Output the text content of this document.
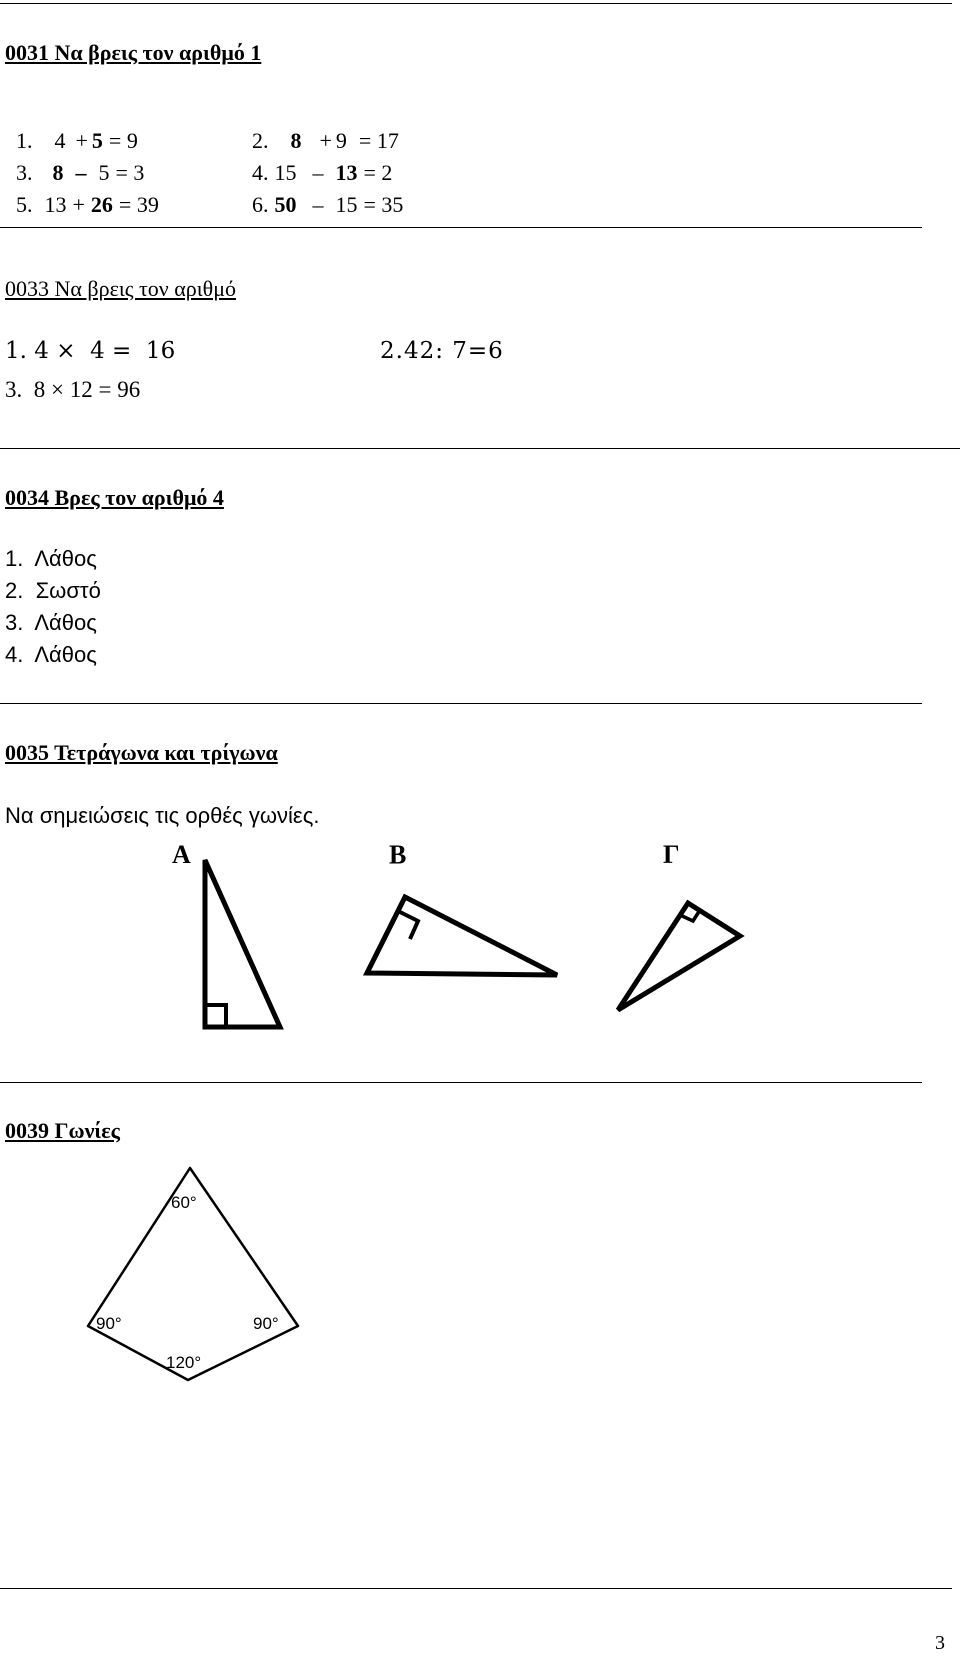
0031 Να βρεις τον αριθμό 1

1. 4 + 5 = 9	2. 8 + 9 = 17

3. 8 – 5 = 3	4. 15 – 13 = 2

5. 13 + 26 = 39	6. 50 – 15 = 35

0033 Να βρεις τον αριθμό
1. 4 ×  4 =  16	2.42: 7=6
3.  8 × 12 = 96
0034 Βρες τον αριθμό 4
1.  Λάθος
2.  Σωστό
3.  Λάθος
4.  Λάθος
0035 Τετράγωνα και τρίγωνα
Να σημειώσεις τις ορθές γωνίες.
Α	Β	Γ
0039 Γωνίες
60°
90°	90°
120°
3
